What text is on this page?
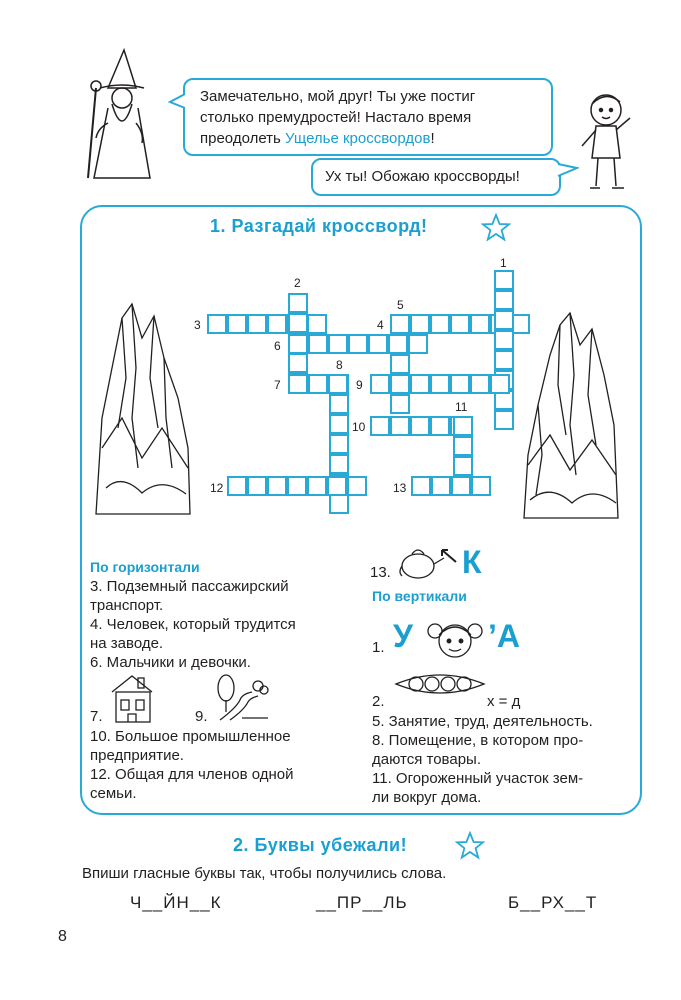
Замечательно, мой друг! Ты уже постиг
столько премудростей! Настало время
преодолеть Ущелье кроссвордов!
Ух ты! Обожаю кроссворды!
1. Разгадай кроссворд!
1
2
3	4
5
6
7
8
9
10
11
12	13
По горизонтали
3. Подземный пассажирский
транспорт.
4. Человек, который трудится
на заводе.
6. Мальчики и девочки.
7.	9.
10. Большое промышленное
предприятие.
12. Общая для членов одной
семьи.
13. К
По вертикали
1. У ’А
2.	х = д
5. Занятие, труд, деятельность.
8. Помещение, в котором про-
даются товары.
11. Огороженный участок зем-
ли вокруг дома.
2. Буквы убежали!
Впиши гласные буквы так, чтобы получились слова.
Ч__ЙН__К	__ПР__ЛЬ	Б__РХ__Т
8
